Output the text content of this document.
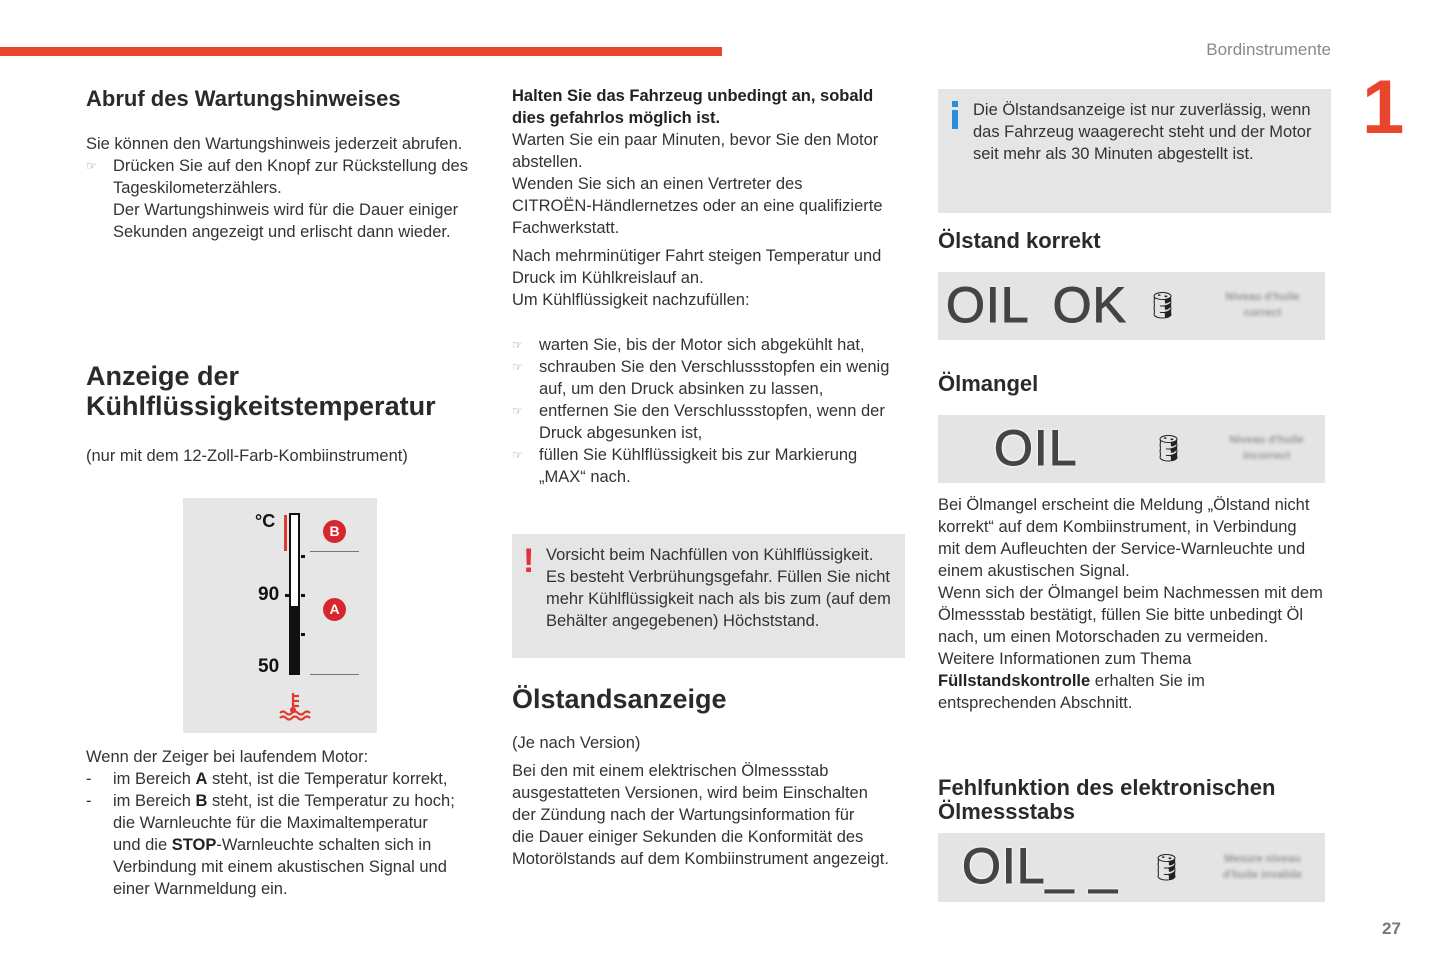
Bordinstrumente
1
27
Abruf des Wartungshinweises
Sie können den Wartungshinweis jederzeit abrufen.
☞ Drücken Sie auf den Knopf zur Rückstellung des
Tageskilometerzählers.
Der Wartungshinweis wird für die Dauer einiger
Sekunden angezeigt und erlischt dann wieder.
Anzeige der
Kühlflüssigkeitstemperatur
(nur mit dem 12-Zoll-Farb-Kombiinstrument)
°C
90
50
B
A
Wenn der Zeiger bei laufendem Motor:
- im Bereich A steht, ist die Temperatur korrekt,
- im Bereich B steht, ist die Temperatur zu hoch;
die Warnleuchte für die Maximaltemperatur
und die STOP-Warnleuchte schalten sich in
Verbindung mit einem akustischen Signal und
einer Warnmeldung ein.
Halten Sie das Fahrzeug unbedingt an, sobald
dies gefahrlos möglich ist.
Warten Sie ein paar Minuten, bevor Sie den Motor
abstellen.
Wenden Sie sich an einen Vertreter des
CITROËN-Händlernetzes oder an eine qualifizierte
Fachwerkstatt.
Nach mehrminütiger Fahrt steigen Temperatur und
Druck im Kühlkreislauf an.
Um Kühlflüssigkeit nachzufüllen:
☞ warten Sie, bis der Motor sich abgekühlt hat,
☞ schrauben Sie den Verschlussstopfen ein wenig
auf, um den Druck absinken zu lassen,
☞ entfernen Sie den Verschlussstopfen, wenn der
Druck abgesunken ist,
☞ füllen Sie Kühlflüssigkeit bis zur Markierung
„MAX“ nach.
! Vorsicht beim Nachfüllen von Kühlflüssigkeit.
Es besteht Verbrühungsgefahr. Füllen Sie nicht
mehr Kühlflüssigkeit nach als bis zum (auf dem
Behälter angegebenen) Höchststand.
Ölstandsanzeige
(Je nach Version)
Bei den mit einem elektrischen Ölmessstab
ausgestatteten Versionen, wird beim Einschalten
der Zündung nach der Wartungsinformation für
die Dauer einiger Sekunden die Konformität des
Motorölstands auf dem Kombiinstrument angezeigt.
Die Ölstandsanzeige ist nur zuverlässig, wenn
das Fahrzeug waagerecht steht und der Motor
seit mehr als 30 Minuten abgestellt ist.
Ölstand korrekt
OIL OK 🛢	Niveau d'huile
correct
Ölmangel
OIL	🛢	Niveau d'huile
incorrect
Bei Ölmangel erscheint die Meldung „Ölstand nicht
korrekt“ auf dem Kombiinstrument, in Verbindung
mit dem Aufleuchten der Service-Warnleuchte und
einem akustischen Signal.
Wenn sich der Ölmangel beim Nachmessen mit dem
Ölmessstab bestätigt, füllen Sie bitte unbedingt Öl
nach, um einen Motorschaden zu vermeiden.
Weitere Informationen zum Thema
Füllstandskontrolle erhalten Sie im
entsprechenden Abschnitt.
Fehlfunktion des elektronischen
Ölmessstabs
OIL_ _ 🛢	Mesure niveau
d'huile invalide
